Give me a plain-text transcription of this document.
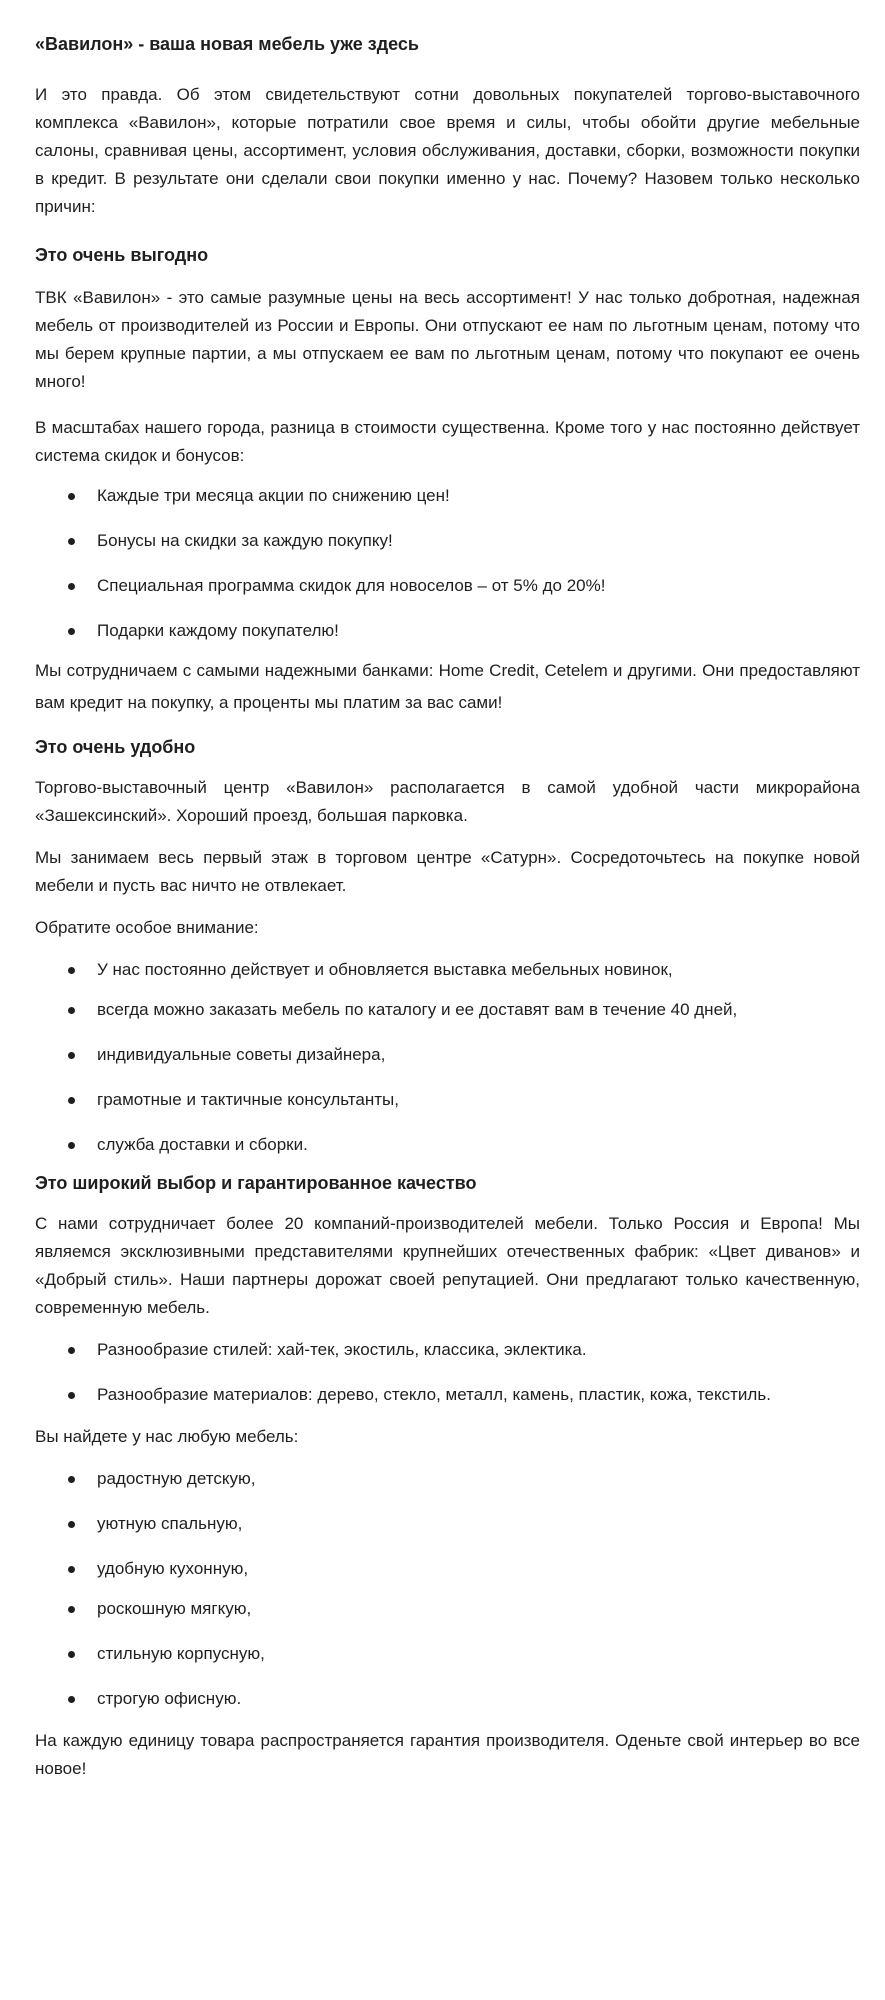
«Вавилон» - ваша новая мебель уже здесь

И это правда. Об этом свидетельствуют сотни довольных покупателей торгово-выставочного комплекса «Вавилон», которые потратили свое время и силы, чтобы обойти другие мебельные салоны, сравнивая цены, ассортимент, условия обслуживания, доставки, сборки, возможности покупки в кредит. В результате они сделали свои покупки именно у нас. Почему? Назовем только несколько причин:

Это очень выгодно

ТВК «Вавилон» - это самые разумные цены на весь ассортимент! У нас только добротная, надежная мебель от производителей из России и Европы. Они отпускают ее нам по льготным ценам, потому что мы берем крупные партии, а мы отпускаем ее вам по льготным ценам, потому что покупают ее очень много!

В масштабах нашего города, разница в стоимости существенна. Кроме того у нас постоянно действует система скидок и бонусов:

Каждые три месяца акции по снижению цен!
Бонусы на скидки за каждую покупку!
Специальная программа скидок для новоселов – от 5% до 20%!
Подарки каждому покупателю!

Мы сотрудничаем с самыми надежными банками: Home Credit, Cetelem и другими. Они предоставляют вам кредит на покупку, а проценты мы платим за вас сами!

Это очень удобно

Торгово-выставочный центр «Вавилон» располагается в самой удобной части микрорайона «Зашексинский». Хороший проезд, большая парковка.

Мы занимаем весь первый этаж в торговом центре «Сатурн». Сосредоточьтесь на покупке новой мебели и пусть вас ничто не отвлекает.

Обратите особое внимание:

У нас постоянно действует и обновляется выставка мебельных новинок,
всегда можно заказать мебель по каталогу и ее доставят вам в течение 40 дней,
индивидуальные советы дизайнера,
грамотные и тактичные консультанты,
служба доставки и сборки.

Это широкий выбор и гарантированное качество

С нами сотрудничает более 20 компаний-производителей мебели. Только Россия и Европа! Мы являемся эксклюзивными представителями крупнейших отечественных фабрик: «Цвет диванов» и «Добрый стиль». Наши партнеры дорожат своей репутацией. Они предлагают только качественную, современную мебель.

Разнообразие стилей: хай-тек, экостиль, классика, эклектика.
Разнообразие материалов: дерево, стекло, металл, камень, пластик, кожа, текстиль.

Вы найдете у нас любую мебель:

радостную детскую,
уютную спальную,
удобную кухонную,
роскошную мягкую,
стильную корпусную,
строгую офисную.

На каждую единицу товара распространяется гарантия производителя. Оденьте свой интерьер во все новое!
